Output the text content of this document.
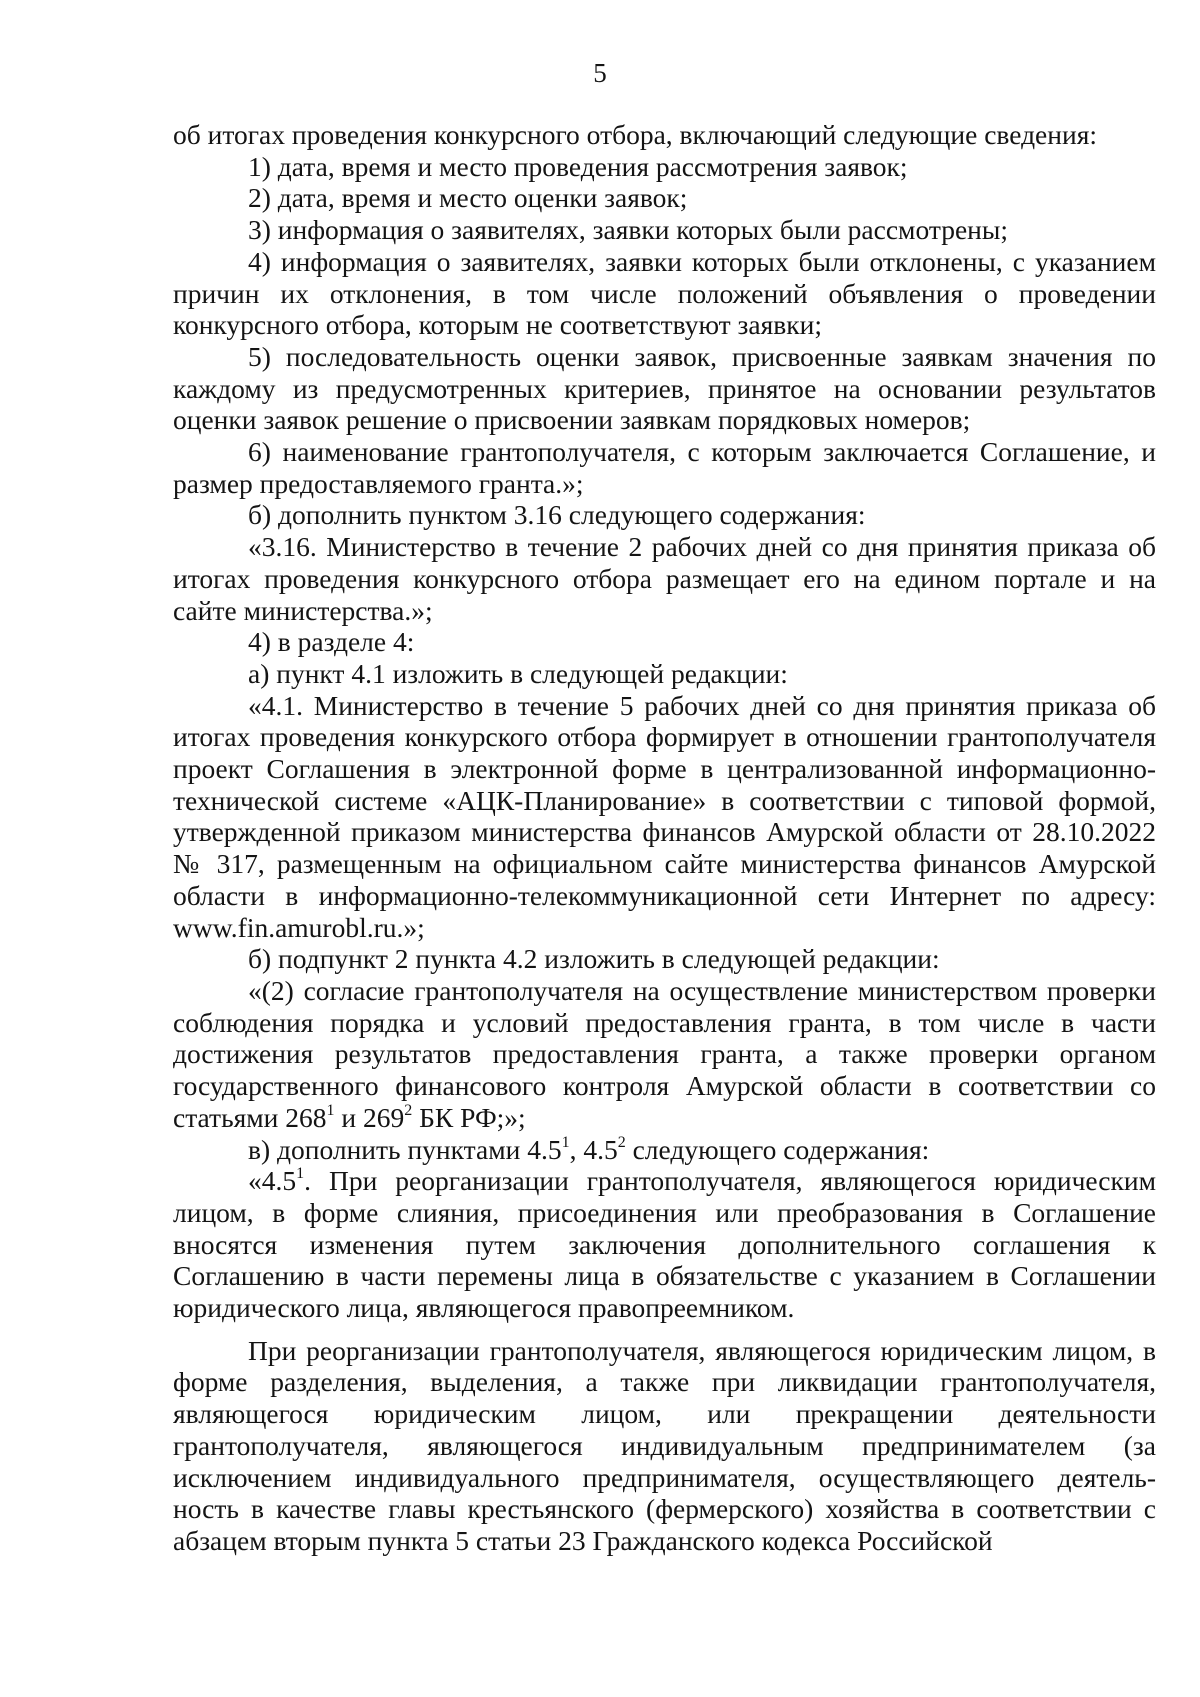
5

об итогах проведения конкурсного отбора, включающий следующие сведения:

1) дата, время и место проведения рассмотрения заявок;

2) дата, время и место оценки заявок;

3) информация о заявителях, заявки которых были рассмотрены;

4) информация о заявителях, заявки которых были отклонены, с указанием причин их отклонения, в том числе положений объявления о проведении конкурсного отбора, которым не соответствуют заявки;

5) последовательность оценки заявок, присвоенные заявкам значения по каждому из предусмотренных критериев, принятое на основании результатов оценки заявок решение о присвоении заявкам порядковых номеров;

6) наименование грантополучателя, с которым заключается Соглашение, и размер предоставляемого гранта.»;

б) дополнить пунктом 3.16 следующего содержания:

«3.16. Министерство в течение 2 рабочих дней со дня принятия приказа об итогах проведения конкурсного отбора размещает его на едином портале и на сайте министерства.»;

4) в разделе 4:

а) пункт 4.1 изложить в следующей редакции:

«4.1. Министерство в течение 5 рабочих дней со дня принятия приказа об итогах проведения конкурского отбора формирует в отношении грантополучателя проект Соглашения в электронной форме в централизованной информационно-технической системе «АЦК-Планирование» в соответствии с типовой формой, утвержденной приказом министерства финансов Амурской области от 28.10.2022 № 317, размещенным на официальном сайте министерства финансов Амурской области в информационно-телекоммуникационной сети Интернет по адресу: www.fin.amurobl.ru.»;

б) подпункт 2 пункта 4.2 изложить в следующей редакции:

«(2) согласие грантополучателя на осуществление министерством проверки соблюдения порядка и условий предоставления гранта, в том числе в части достижения результатов предоставления гранта, а также проверки органом государственного финансового контроля Амурской области в соответствии со статьями $268^1$ и $269^2$ БК РФ;»;

в) дополнить пунктами $4.5^1$, $4.5^2$ следующего содержания:

«$4.5^1$. При реорганизации грантополучателя, являющегося юридическим лицом, в форме слияния, присоединения или преобразования в Соглашение вносятся изменения путем заключения дополнительного соглашения к Соглашению в части перемены лица в обязательстве с указанием в Соглашении юридического лица, являющегося правопреемником.

При реорганизации грантополучателя, являющегося юридическим лицом, в форме разделения, выделения, а также при ликвидации грантополучателя, являющегося юридическим лицом, или прекращении деятельности грантополучателя, являющегося индивидуальным предпринимателем (за исключением индивидуального предпринимателя, осуществляющего деятель-ность в качестве главы крестьянского (фермерского) хозяйства в соответствии с абзацем вторым пункта 5 статьи 23 Гражданского кодекса Российской
